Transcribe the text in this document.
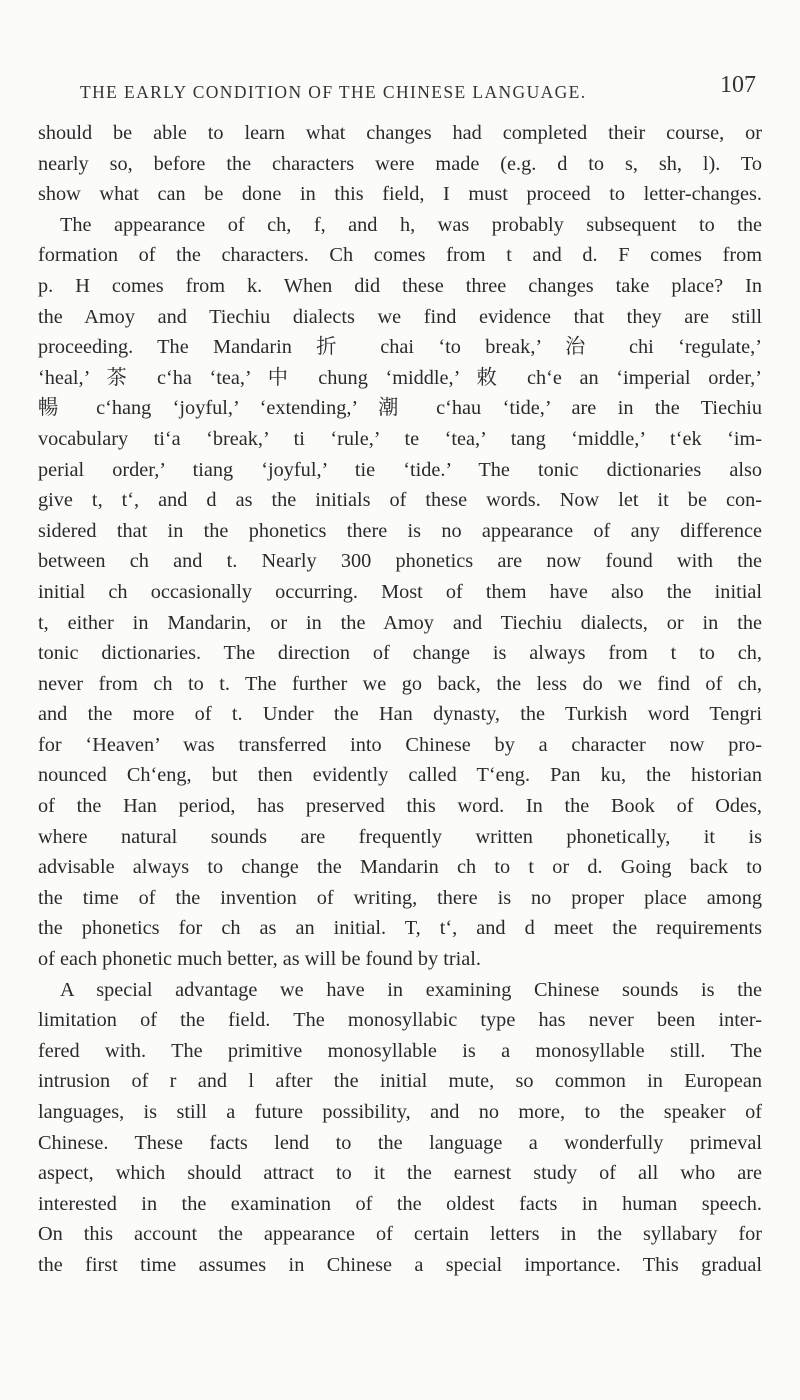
THE EARLY CONDITION OF THE CHINESE LANGUAGE.	107
should be able to learn what changes had completed their course, or
nearly so, before the characters were made (e.g. d to s, sh, l). To
show what can be done in this field, I must proceed to letter-changes.
The appearance of ch, f, and h, was probably subsequent to the
formation of the characters. Ch comes from t and d. F comes from
p. H comes from k. When did these three changes take place? In
the Amoy and Tiechiu dialects we find evidence that they are still
proceeding. The Mandarin 折 chai ‘to break,’ 治 chi ‘regulate,’
‘heal,’ 茶 c‘ha ‘tea,’ 中 chung ‘middle,’ 敕 ch‘e an ‘imperial order,’
暢 c‘hang ‘joyful,’ ‘extending,’ 潮 c‘hau ‘tide,’ are in the Tiechiu
vocabulary ti‘a ‘break,’ ti ‘rule,’ te ‘tea,’ tang ‘middle,’ t‘ek ‘im-
perial order,’ tiang ‘joyful,’ tie ‘tide.’ The tonic dictionaries also
give t, t‘, and d as the initials of these words. Now let it be con-
sidered that in the phonetics there is no appearance of any difference
between ch and t. Nearly 300 phonetics are now found with the
initial ch occasionally occurring. Most of them have also the initial
t, either in Mandarin, or in the Amoy and Tiechiu dialects, or in the
tonic dictionaries. The direction of change is always from t to ch,
never from ch to t. The further we go back, the less do we find of ch,
and the more of t. Under the Han dynasty, the Turkish word Tengri
for ‘Heaven’ was transferred into Chinese by a character now pro-
nounced Ch‘eng, but then evidently called T‘eng. Pan ku, the historian
of the Han period, has preserved this word. In the Book of Odes,
where natural sounds are frequently written phonetically, it is
advisable always to change the Mandarin ch to t or d. Going back to
the time of the invention of writing, there is no proper place among
the phonetics for ch as an initial. T, t‘, and d meet the requirements
of each phonetic much better, as will be found by trial.
A special advantage we have in examining Chinese sounds is the
limitation of the field. The monosyllabic type has never been inter-
fered with. The primitive monosyllable is a monosyllable still. The
intrusion of r and l after the initial mute, so common in European
languages, is still a future possibility, and no more, to the speaker of
Chinese. These facts lend to the language a wonderfully primeval
aspect, which should attract to it the earnest study of all who are
interested in the examination of the oldest facts in human speech.
On this account the appearance of certain letters in the syllabary for
the first time assumes in Chinese a special importance. This gradual
